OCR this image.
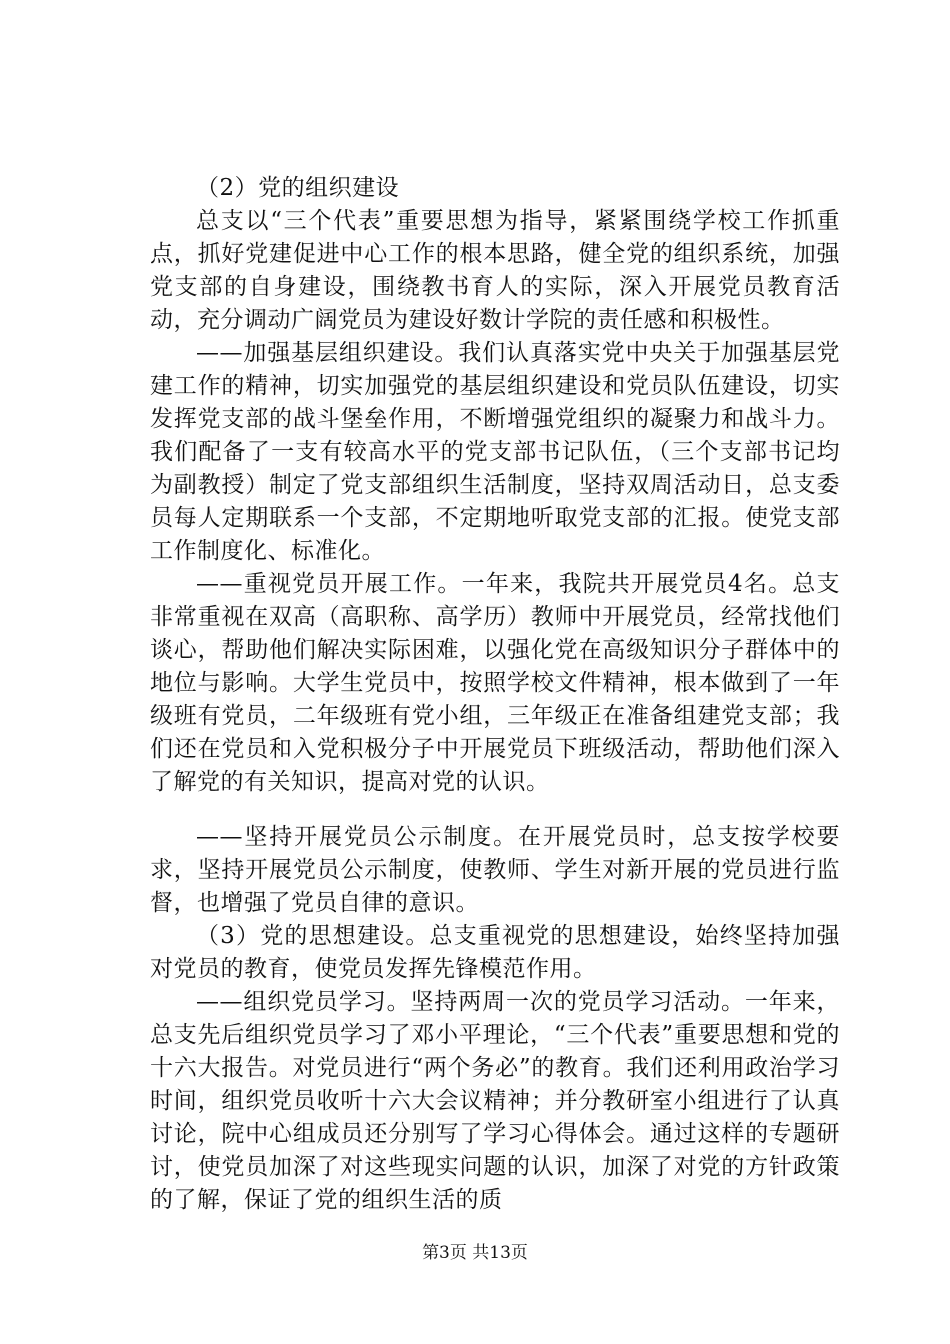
（2）党的组织建设

总支以“三个代表”重要思想为指导，紧紧围绕学校工作抓重点，抓好党建促进中心工作的根本思路，健全党的组织系统，加强党支部的自身建设，围绕教书育人的实际，深入开展党员教育活动，充分调动广阔党员为建设好数计学院的责任感和积极性。

——加强基层组织建设。我们认真落实党中央关于加强基层党建工作的精神，切实加强党的基层组织建设和党员队伍建设，切实发挥党支部的战斗堡垒作用，不断增强党组织的凝聚力和战斗力。我们配备了一支有较高水平的党支部书记队伍，（三个支部书记均为副教授）制定了党支部组织生活制度，坚持双周活动日，总支委员每人定期联系一个支部，不定期地听取党支部的汇报。使党支部工作制度化、标准化。

——重视党员开展工作。一年来，我院共开展党员4名。总支非常重视在双高（高职称、高学历）教师中开展党员，经常找他们谈心，帮助他们解决实际困难，以强化党在高级知识分子群体中的地位与影响。大学生党员中，按照学校文件精神，根本做到了一年级班有党员，二年级班有党小组，三年级正在准备组建党支部；我们还在党员和入党积极分子中开展党员下班级活动，帮助他们深入了解党的有关知识，提高对党的认识。

——坚持开展党员公示制度。在开展党员时，总支按学校要求，坚持开展党员公示制度，使教师、学生对新开展的党员进行监督，也增强了党员自律的意识。

（3）党的思想建设。总支重视党的思想建设，始终坚持加强对党员的教育，使党员发挥先锋模范作用。

——组织党员学习。坚持两周一次的党员学习活动。一年来，总支先后组织党员学习了邓小平理论，“三个代表”重要思想和党的十六大报告。对党员进行“两个务必”的教育。我们还利用政治学习时间，组织党员收听十六大会议精神；并分教研室小组进行了认真讨论，院中心组成员还分别写了学习心得体会。通过这样的专题研讨，使党员加深了对这些现实问题的认识，加深了对党的方针政策的了解，保证了党的组织生活的质

第3页 共13页
